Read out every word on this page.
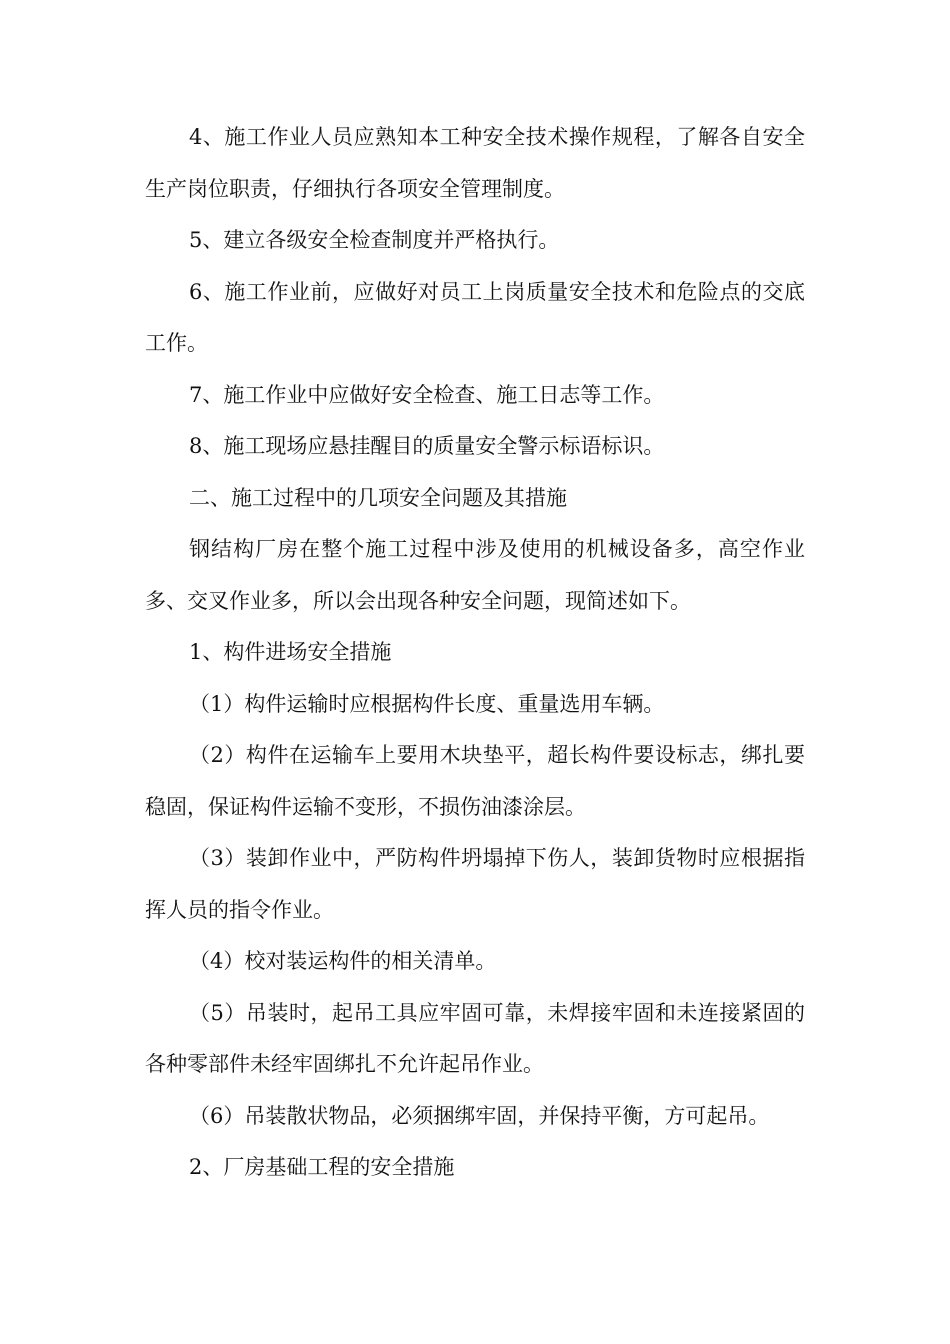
4、施工作业人员应熟知本工种安全技术操作规程，了解各自安全生产岗位职责，仔细执行各项安全管理制度。

5、建立各级安全检查制度并严格执行。

6、施工作业前，应做好对员工上岗质量安全技术和危险点的交底工作。

7、施工作业中应做好安全检查、施工日志等工作。

8、施工现场应悬挂醒目的质量安全警示标语标识。

二、施工过程中的几项安全问题及其措施

钢结构厂房在整个施工过程中涉及使用的机械设备多，高空作业多、交叉作业多，所以会出现各种安全问题，现简述如下。

1、构件进场安全措施

（1）构件运输时应根据构件长度、重量选用车辆。

（2）构件在运输车上要用木块垫平，超长构件要设标志，绑扎要稳固，保证构件运输不变形，不损伤油漆涂层。

（3）装卸作业中，严防构件坍塌掉下伤人，装卸货物时应根据指挥人员的指令作业。

（4）校对装运构件的相关清单。

（5）吊装时，起吊工具应牢固可靠，未焊接牢固和未连接紧固的各种零部件未经牢固绑扎不允许起吊作业。

（6）吊装散状物品，必须捆绑牢固，并保持平衡，方可起吊。

2、厂房基础工程的安全措施
